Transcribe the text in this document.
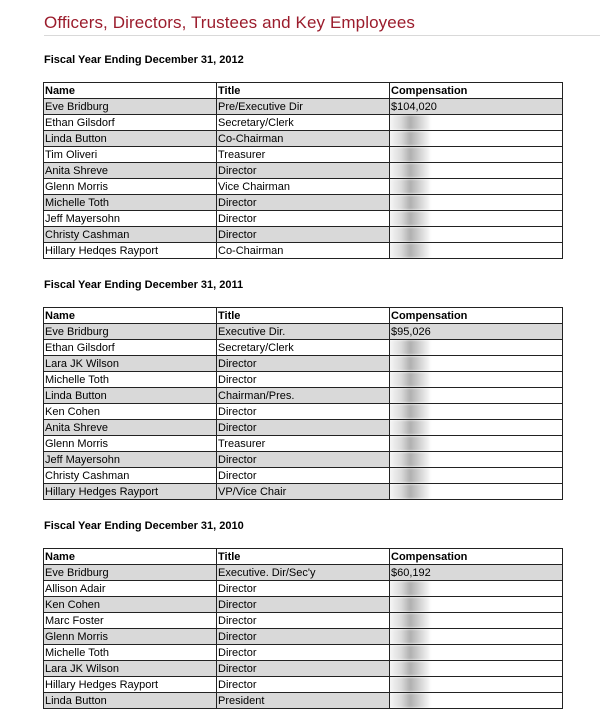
Officers, Directors, Trustees and Key Employees
Fiscal Year Ending December 31, 2012
Name	Title	Compensation
Eve Bridburg	Pre/Executive Dir	$104,020
Ethan Gilsdorf	Secretary/Clerk	
Linda Button	Co-Chairman	
Tim Oliveri	Treasurer	
Anita Shreve	Director	
Glenn Morris	Vice Chairman	
Michelle Toth	Director	
Jeff Mayersohn	Director	
Christy Cashman	Director	
Hillary Hedqes Rayport	Co-Chairman	
Fiscal Year Ending December 31, 2011
Name	Title	Compensation
Eve Bridburg	Executive Dir.	$95,026
Ethan Gilsdorf	Secretary/Clerk	
Lara JK Wilson	Director	
Michelle Toth	Director	
Linda Button	Chairman/Pres.	
Ken Cohen	Director	
Anita Shreve	Director	
Glenn Morris	Treasurer	
Jeff Mayersohn	Director	
Christy Cashman	Director	
Hillary Hedges Rayport	VP/Vice Chair	
Fiscal Year Ending December 31, 2010
Name	Title	Compensation
Eve Bridburg	Executive. Dir/Sec'y	$60,192
Allison Adair	Director	
Ken Cohen	Director	
Marc Foster	Director	
Glenn Morris	Director	
Michelle Toth	Director	
Lara JK Wilson	Director	
Hillary Hedges Rayport	Director	
Linda Button	President	
